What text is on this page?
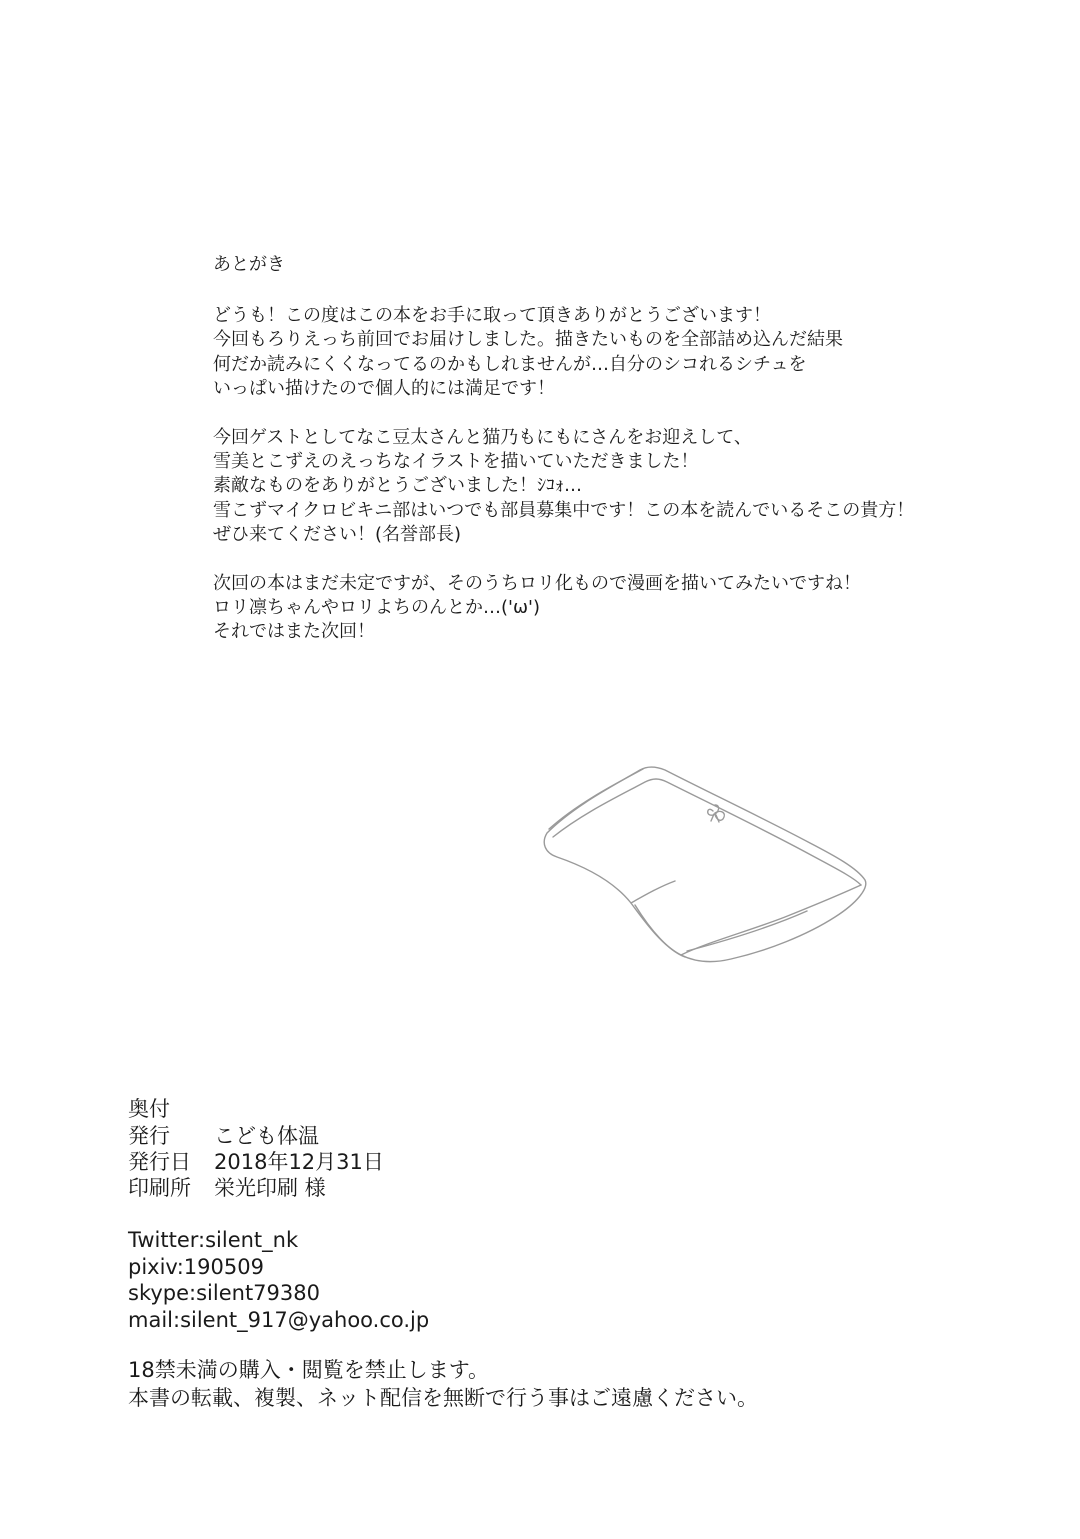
あとがき
どうも！この度はこの本をお手に取って頂きありがとうございます！
今回もろりえっち前回でお届けしました。描きたいものを全部詰め込んだ結果
何だか読みにくくなってるのかもしれませんが…自分のシコれるシチュを
いっぱい描けたので個人的には満足です！
今回ゲストとしてなこ豆太さんと猫乃もにもにさんをお迎えして、
雪美とこずえのえっちなイラストを描いていただきました！
素敵なものをありがとうございました！ｼｺｫ…
雪こずマイクロビキニ部はいつでも部員募集中です！この本を読んでいるそこの貴方！
ぜひ来てください！(名誉部長)
次回の本はまだ未定ですが、そのうちロリ化もので漫画を描いてみたいですね！
ロリ凛ちゃんやロリよちのんとか…('ω')
それではまた次回！
奥付
発行 こども体温
発行日 2018年12月31日
印刷所 栄光印刷 様
Twitter:silent_nk
pixiv:190509
skype:silent79380
mail:silent_917@yahoo.co.jp
18禁未満の購入・閲覧を禁止します。
本書の転載、複製、ネット配信を無断で行う事はご遠慮ください。
